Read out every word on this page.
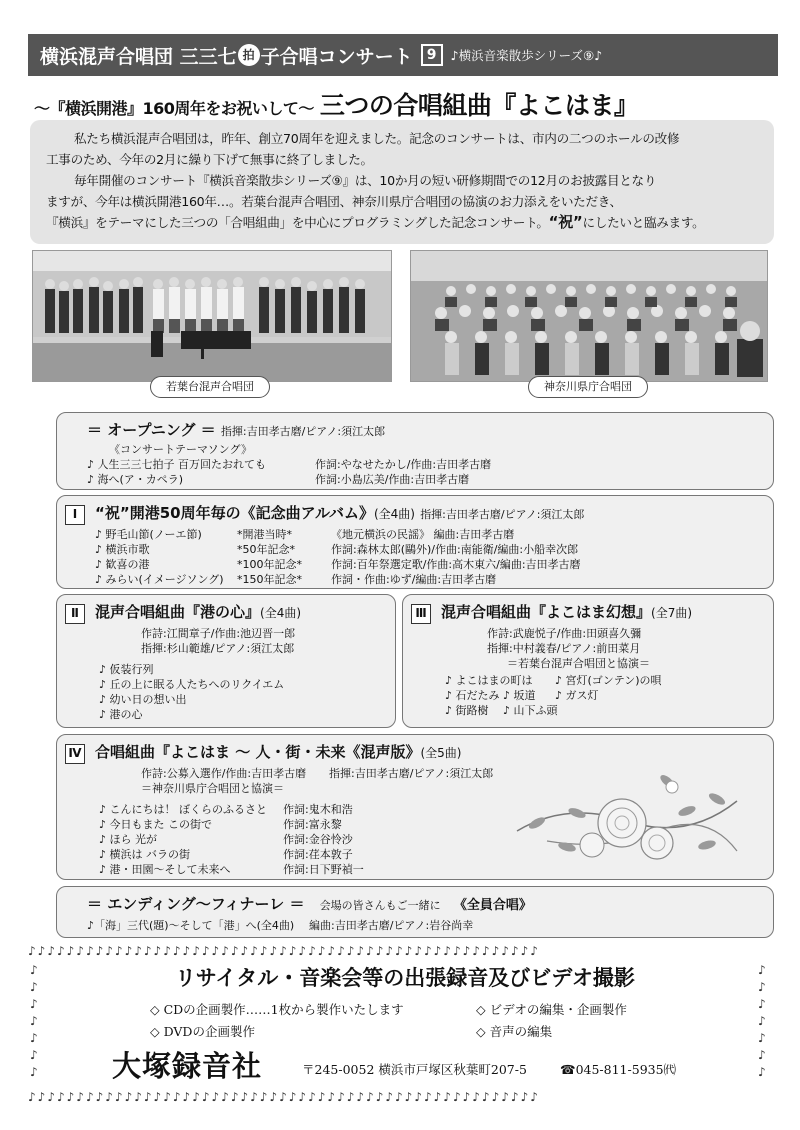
横浜混声合唱団 三三七 拍 子合唱コンサート	9	♪横浜音楽散歩シリーズ⑨♪
〜『横浜開港』160周年をお祝いして〜 三つの合唱組曲『よこはま』

私たち横浜混声合唱団は，昨年、創立70周年を迎えました。記念のコンサートは、市内の二つのホールの改修

工事のため、今年の2月に繰り下げて無事に終了しました。

毎年開催のコンサート『横浜音楽散歩シリーズ⑨』は、10か月の短い研修期間での12月のお披露目となり

ますが、今年は横浜開港160年…。若葉台混声合唱団、神奈川県庁合唱団の協演のお力添えをいただき、

『横浜』をテーマにした三つの「合唱組曲」を中心にプログラミングした記念コンサート。“祝”にしたいと臨みます。

若葉台混声合唱団	神奈川県庁合唱団
＝ オープニング ＝ 指揮:吉田孝古磨/ピアノ:須江太郎
《コンサートテーマソング》
♪ 人生三三七拍子 百万回たおれても	作詞:やなせたかし/作曲:吉田孝古磨
♪ 海へ(ア・カペラ)	作詞:小島広美/作曲:吉田孝古磨
Ⅰ “祝”開港50周年毎の《記念曲アルバム》(全4曲) 指揮:吉田孝古磨/ピアノ:須江太郎
♪ 野毛山節(ノーエ節)	*開港当時*	《地元横浜の民謡》 編曲:吉田孝古磨
♪ 横浜市歌	*50年記念*	作詞:森林太郎(鷗外)/作曲:南能衛/編曲:小船幸次郎
♪ 歓喜の港	*100年記念*	作詞:百年祭選定歌/作曲:高木東六/編曲:吉田孝古磨
♪ みらい(イメージソング) *150年記念*	作詞・作曲:ゆず/編曲:吉田孝古磨
Ⅱ 混声合唱組曲『港の心』(全4曲)
作詩:江間章子/作曲:池辺晋一郎
指揮:杉山範雄/ピアノ:須江太郎
♪ 仮装行列
♪ 丘の上に眠る人たちへのリクイエム
♪ 幼い日の想い出
♪ 港の心
Ⅲ 混声合唱組曲『よこはま幻想』(全7曲)
作詩:武鹿悦子/作曲:田頭喜久彌
指揮:中村義春/ピアノ:前田菜月
＝若葉台混声合唱団と協演＝
♪ よこはまの町は ♪ 宮灯(ゴンテン)の唄
♪ 石だたみ ♪ 坂道 ♪ ガス灯
♪ 街路樹 ♪ 山下ふ頭
Ⅳ 合唱組曲『よこはま 〜 人・街・未来《混声版》(全5曲)
作詩:公募入選作/作曲:吉田孝古磨 指揮:吉田孝古磨/ピアノ:須江太郎
＝神奈川県庁合唱団と協演＝
♪ こんにちは！ ぼくらのふるさと 作詞:鬼木和浩
♪ 今日もまた この街で	作詞:富永黎
♪ ほら 光が	作詞:金谷怜沙
♪ 横浜は バラの街	作詞:荏本敦子
♪ 港・田園〜そして未来へ	作詞:日下野禎一
＝ エンディング〜フィナーレ ＝ 会場の皆さんもご一緒に 《全員合唱》
♪「海」三代(題)〜そして「港」へ(全4曲) 編曲:吉田孝古磨/ピアノ:岩谷尚幸
♪♪♪♪♪♪♪♪♪♪♪♪♪♪♪♪♪♪♪♪♪♪♪♪♪♪♪♪♪♪♪♪♪♪♪♪♪♪♪♪♪♪♪♪♪♪♪♪♪♪♪♪♪
♪
♪
♪
♪
♪
♪
♪
♪
♪
♪
♪
♪
♪
♪
♪♪♪♪♪♪♪♪♪♪♪♪♪♪♪♪♪♪♪♪♪♪♪♪♪♪♪♪♪♪♪♪♪♪♪♪♪♪♪♪♪♪♪♪♪♪♪♪♪♪♪♪♪
リサイタル・音楽会等の出張録音及びビデオ撮影
◇ CDの企画製作……1枚から製作いたします	◇ ビデオの編集・企画製作
◇ DVDの企画製作	◇ 音声の編集
大塚録音社	〒245-0052 横浜市戸塚区秋葉町207-5	☎045-811-5935㈹
